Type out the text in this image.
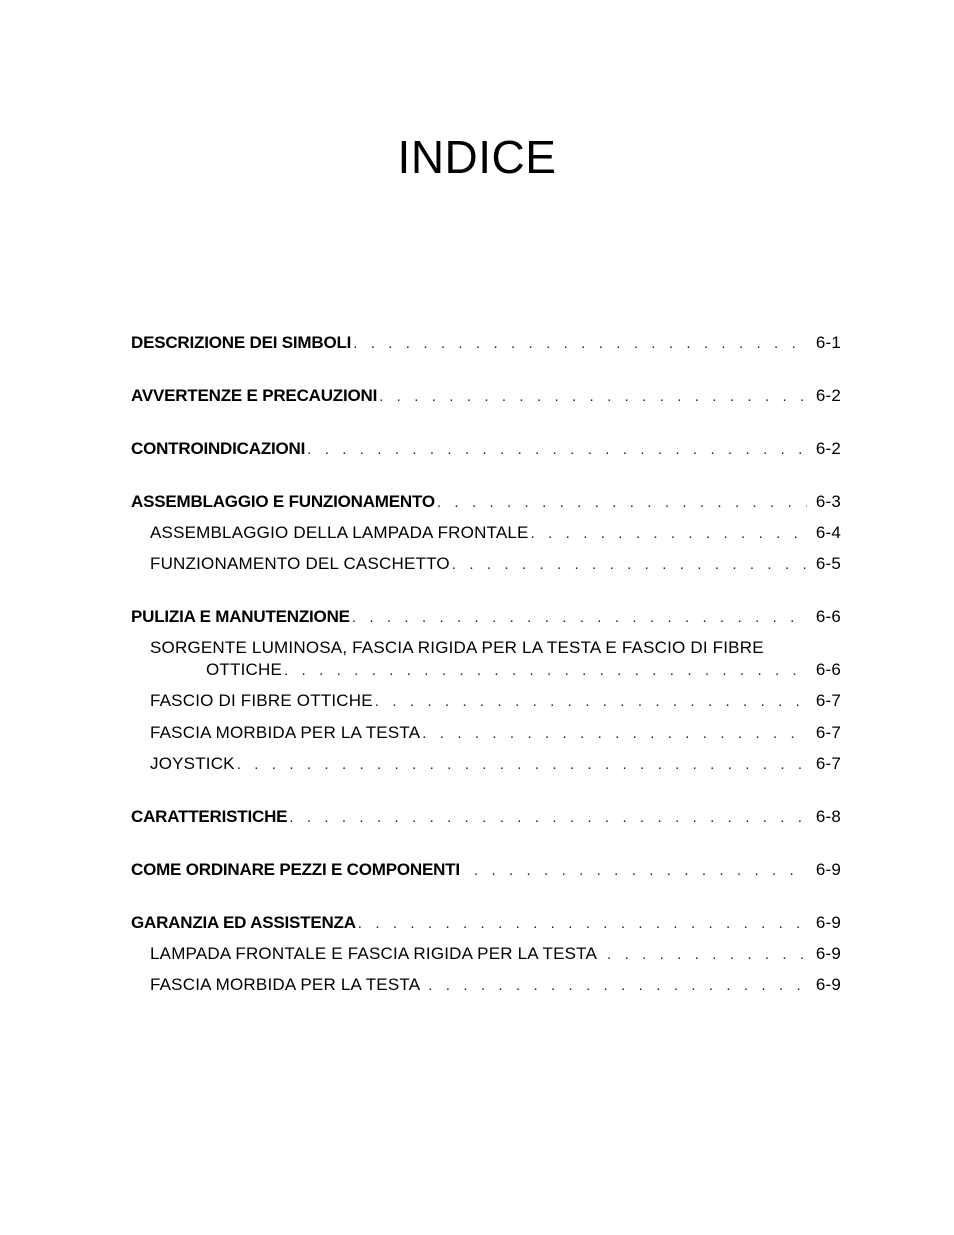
INDICE
DESCRIZIONE DEI SIMBOLI . . .	6-1
AVVERTENZE E PRECAUZIONI . . .	6-2
CONTROINDICAZIONI . . .	6-2
ASSEMBLAGGIO E FUNZIONAMENTO . . .	6-3
ASSEMBLAGGIO DELLA LAMPADA FRONTALE . . .	6-4
FUNZIONAMENTO DEL CASCHETTO . . .	6-5
PULIZIA E MANUTENZIONE . . .	6-6
SORGENTE LUMINOSA, FASCIA RIGIDA PER LA TESTA E FASCIO DI FIBRE
OTTICHE . . .	6-6
FASCIO DI FIBRE OTTICHE . . .	6-7
FASCIA MORBIDA PER LA TESTA . . .	6-7
JOYSTICK . . .	6-7
CARATTERISTICHE . . .	6-8
COME ORDINARE PEZZI E COMPONENTI . . .	6-9
GARANZIA ED ASSISTENZA . . .	6-9
LAMPADA FRONTALE E FASCIA RIGIDA PER LA TESTA . . .	6-9
FASCIA MORBIDA PER LA TESTA . . .	6-9
